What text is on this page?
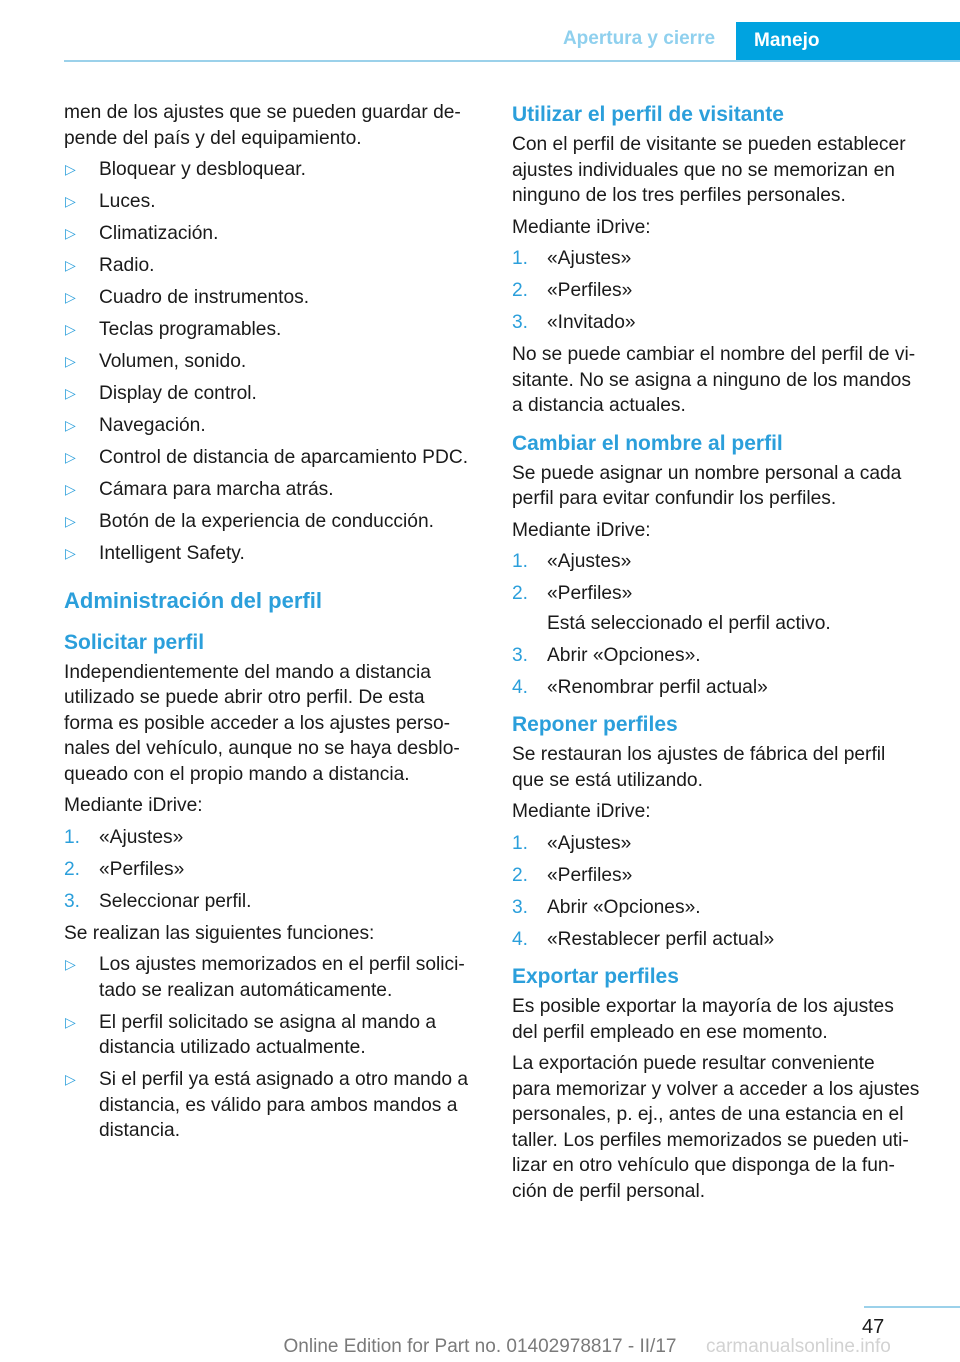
Apertura y cierre	Manejo

men de los ajustes que se pueden guardar de-
pende del país y del equipamiento.

▷ Bloquear y desbloquear.
▷ Luces.
▷ Climatización.
▷ Radio.
▷ Cuadro de instrumentos.
▷ Teclas programables.
▷ Volumen, sonido.
▷ Display de control.
▷ Navegación.
▷ Control de distancia de aparcamiento PDC.
▷ Cámara para marcha atrás.
▷ Botón de la experiencia de conducción.
▷ Intelligent Safety.
Administración del perfil
Solicitar perfil

Independientemente del mando a distancia
utilizado se puede abrir otro perfil. De esta
forma es posible acceder a los ajustes perso-
nales del vehículo, aunque no se haya desblo-
queado con el propio mando a distancia.

Mediante iDrive:

1. «Ajustes»
2. «Perfiles»
3. Seleccionar perfil.

Se realizan las siguientes funciones:

▷ Los ajustes memorizados en el perfil solici-
tado se realizan automáticamente.
▷ El perfil solicitado se asigna al mando a
distancia utilizado actualmente.
▷ Si el perfil ya está asignado a otro mando a
distancia, es válido para ambos mandos a
distancia.
Utilizar el perfil de visitante

Con el perfil de visitante se pueden establecer
ajustes individuales que no se memorizan en
ninguno de los tres perfiles personales.

Mediante iDrive:

1. «Ajustes»
2. «Perfiles»
3. «Invitado»

No se puede cambiar el nombre del perfil de vi-
sitante. No se asigna a ninguno de los mandos
a distancia actuales.

Cambiar el nombre al perfil

Se puede asignar un nombre personal a cada
perfil para evitar confundir los perfiles.

Mediante iDrive:

1. «Ajustes»
2. «Perfiles»

Está seleccionado el perfil activo.

3. Abrir «Opciones».
4. «Renombrar perfil actual»
Reponer perfiles

Se restauran los ajustes de fábrica del perfil
que se está utilizando.

Mediante iDrive:

1. «Ajustes»
2. «Perfiles»
3. Abrir «Opciones».
4. «Restablecer perfil actual»
Exportar perfiles

Es posible exportar la mayoría de los ajustes
del perfil empleado en ese momento.

La exportación puede resultar conveniente
para memorizar y volver a acceder a los ajustes
personales, p. ej., antes de una estancia en el
taller. Los perfiles memorizados se pueden uti-
lizar en otro vehículo que disponga de la fun-
ción de perfil personal.

47
Online Edition for Part no. 01402978817 - II/17	carmanualsonline.info
